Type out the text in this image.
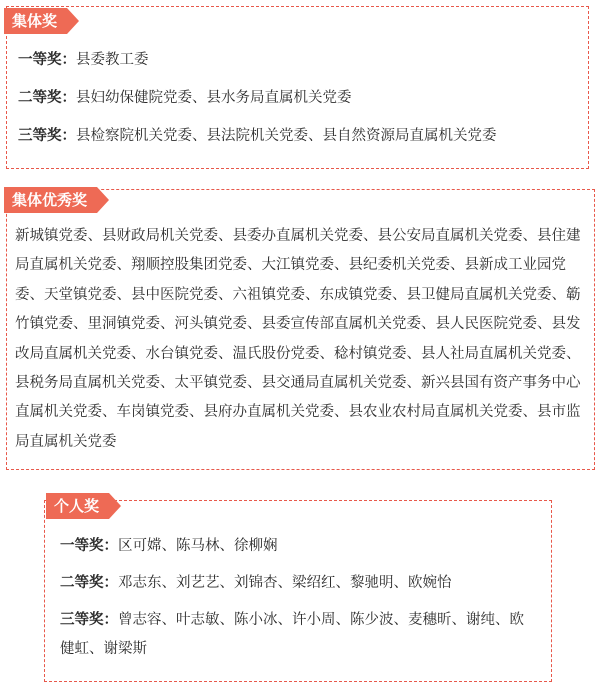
集体奖
一等奖：县委教工委
二等奖：县妇幼保健院党委、县水务局直属机关党委
三等奖：县检察院机关党委、县法院机关党委、县自然资源局直属机关党委
集体优秀奖
新城镇党委、县财政局机关党委、县委办直属机关党委、县公安局直属机关党委、县住建局直属机关党委、翔顺控股集团党委、大江镇党委、县纪委机关党委、县新成工业园党委、天堂镇党委、县中医院党委、六祖镇党委、东成镇党委、县卫健局直属机关党委、簕竹镇党委、里洞镇党委、河头镇党委、县委宣传部直属机关党委、县人民医院党委、县发改局直属机关党委、水台镇党委、温氏股份党委、稔村镇党委、县人社局直属机关党委、县税务局直属机关党委、太平镇党委、县交通局直属机关党委、新兴县国有资产事务中心直属机关党委、车岗镇党委、县府办直属机关党委、县农业农村局直属机关党委、县市监局直属机关党委
个人奖
一等奖：区可嫦、陈马林、徐柳娴
二等奖：邓志东、刘艺艺、刘锦杏、梁绍红、黎驰明、欧婉怡
三等奖：曾志容、叶志敏、陈小冰、许小周、陈少波、麦穗昕、谢纯、欧健虹、谢梁斯
